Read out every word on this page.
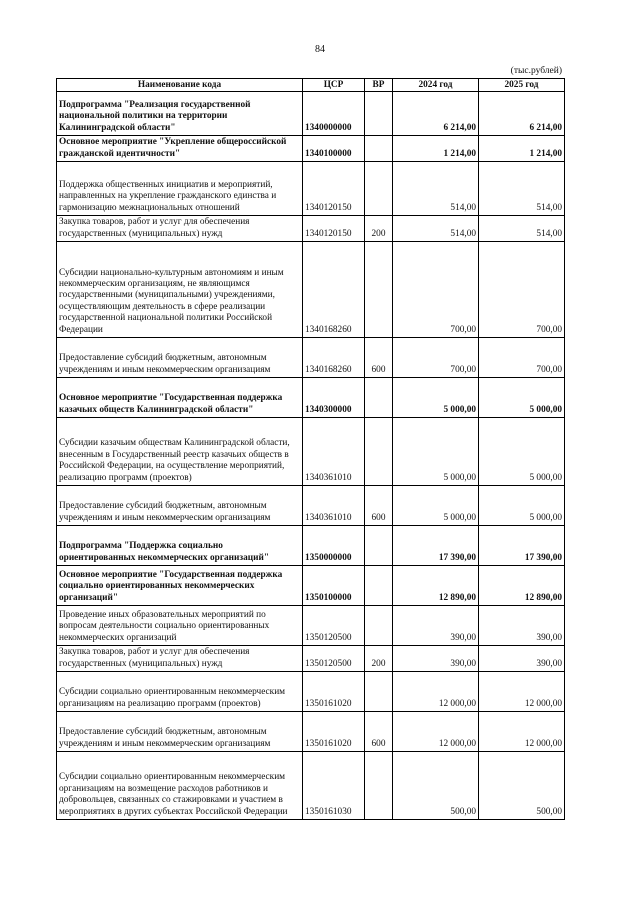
84
(тыс.рублей)
Наименование кода	ЦСР	ВР	2024 год	2025 год
Подпрограмма "Реализация государственной национальной политики на территории Калининградской области"	1340000000		6 214,00	6 214,00
Основное мероприятие "Укрепление общероссийской гражданской идентичности"	1340100000		1 214,00	1 214,00
Поддержка общественных инициатив и мероприятий, направленных на укрепление гражданского единства и гармонизацию межнациональных отношений	1340120150		514,00	514,00
Закупка товаров, работ и услуг для обеспечения государственных (муниципальных) нужд	1340120150	200	514,00	514,00
Субсидии национально-культурным автономиям и иным некоммерческим организациям, не являющимся государственными (муниципальными) учреждениями, осуществляющим деятельность в сфере реализации государственной национальной политики Российской Федерации	1340168260		700,00	700,00
Предоставление субсидий бюджетным, автономным учреждениям и иным некоммерческим организациям	1340168260	600	700,00	700,00
Основное мероприятие "Государственная поддержка казачьих обществ Калининградской области"	1340300000		5 000,00	5 000,00
Субсидии казачьим обществам Калининградской области, внесенным в Государственный реестр казачьих обществ в Российской Федерации, на осуществление мероприятий, реализацию программ (проектов)	1340361010		5 000,00	5 000,00
Предоставление субсидий бюджетным, автономным учреждениям и иным некоммерческим организациям	1340361010	600	5 000,00	5 000,00
Подпрограмма "Поддержка социально ориентированных некоммерческих организаций"	1350000000		17 390,00	17 390,00
Основное мероприятие "Государственная поддержка социально ориентированных некоммерческих организаций"	1350100000		12 890,00	12 890,00
Проведение иных образовательных мероприятий по вопросам деятельности социально ориентированных некоммерческих организаций	1350120500		390,00	390,00
Закупка товаров, работ и услуг для обеспечения государственных (муниципальных) нужд	1350120500	200	390,00	390,00
Субсидии социально ориентированным некоммерческим организациям на реализацию программ (проектов)	1350161020		12 000,00	12 000,00
Предоставление субсидий бюджетным, автономным учреждениям и иным некоммерческим организациям	1350161020	600	12 000,00	12 000,00
Субсидии социально ориентированным некоммерческим организациям на возмещение расходов работников и добровольцев, связанных со стажировками и участием в мероприятиях в других субъектах Российской Федерации	1350161030		500,00	500,00
